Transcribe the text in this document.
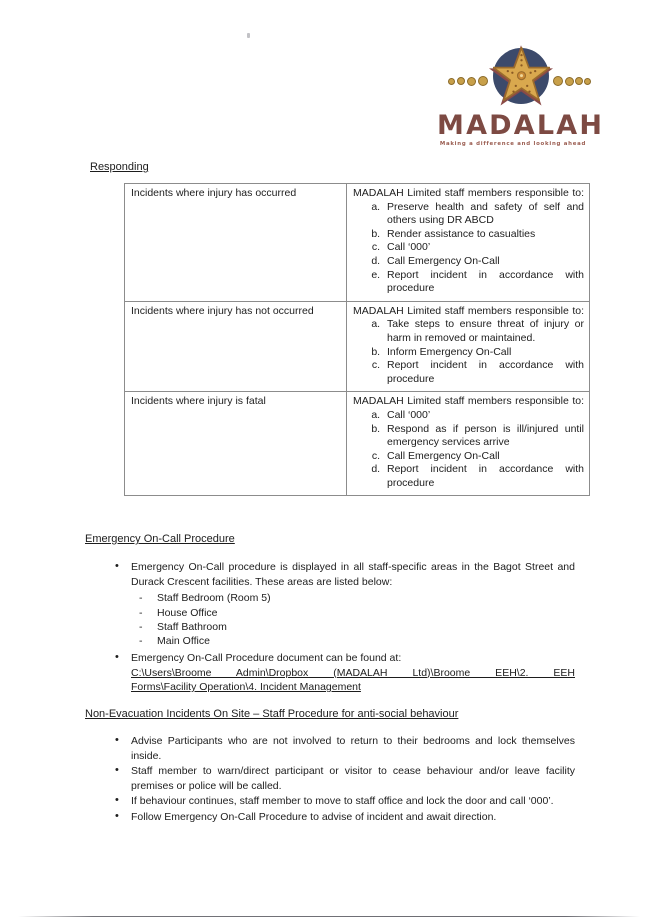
MADALAH
Making a difference and looking ahead
Responding
Incidents where injury has occurred	MADALAH Limited staff members responsible to:

a. Preserve health and safety of self and others using DR ABCD
b. Render assistance to casualties
c. Call ‘000’
d. Call Emergency On-Call
e. Report incident in accordance with procedure

Incidents where injury has not occurred	MADALAH Limited staff members responsible to:

a. Take steps to ensure threat of injury or harm in removed or maintained.
b. Inform Emergency On-Call
c. Report incident in accordance with procedure

Incidents where injury is fatal	MADALAH Limited staff members responsible to:

a. Call ‘000’
b. Respond as if person is ill/injured until emergency services arrive
c. Call Emergency On-Call
d. Report incident in accordance with procedure
Emergency On-Call Procedure
• Emergency On-Call procedure is displayed in all staff-specific areas in the Bagot Street and Durack Crescent facilities. These areas are listed below:
- Staff Bedroom (Room 5)
- House Office
- Staff Bathroom
- Main Office
• Emergency On-Call Procedure document can be found at:
C:\Users\Broome Admin\Dropbox (MADALAH Ltd)\Broome EEH\2. EEH
Forms\Facility Operation\4. Incident Management
Non-Evacuation Incidents On Site – Staff Procedure for anti-social behaviour
• Advise Participants who are not involved to return to their bedrooms and lock themselves inside.
• Staff member to warn/direct participant or visitor to cease behaviour and/or leave facility premises or police will be called.
• If behaviour continues, staff member to move to staff office and lock the door and call ‘000’.
• Follow Emergency On-Call Procedure to advise of incident and await direction.
